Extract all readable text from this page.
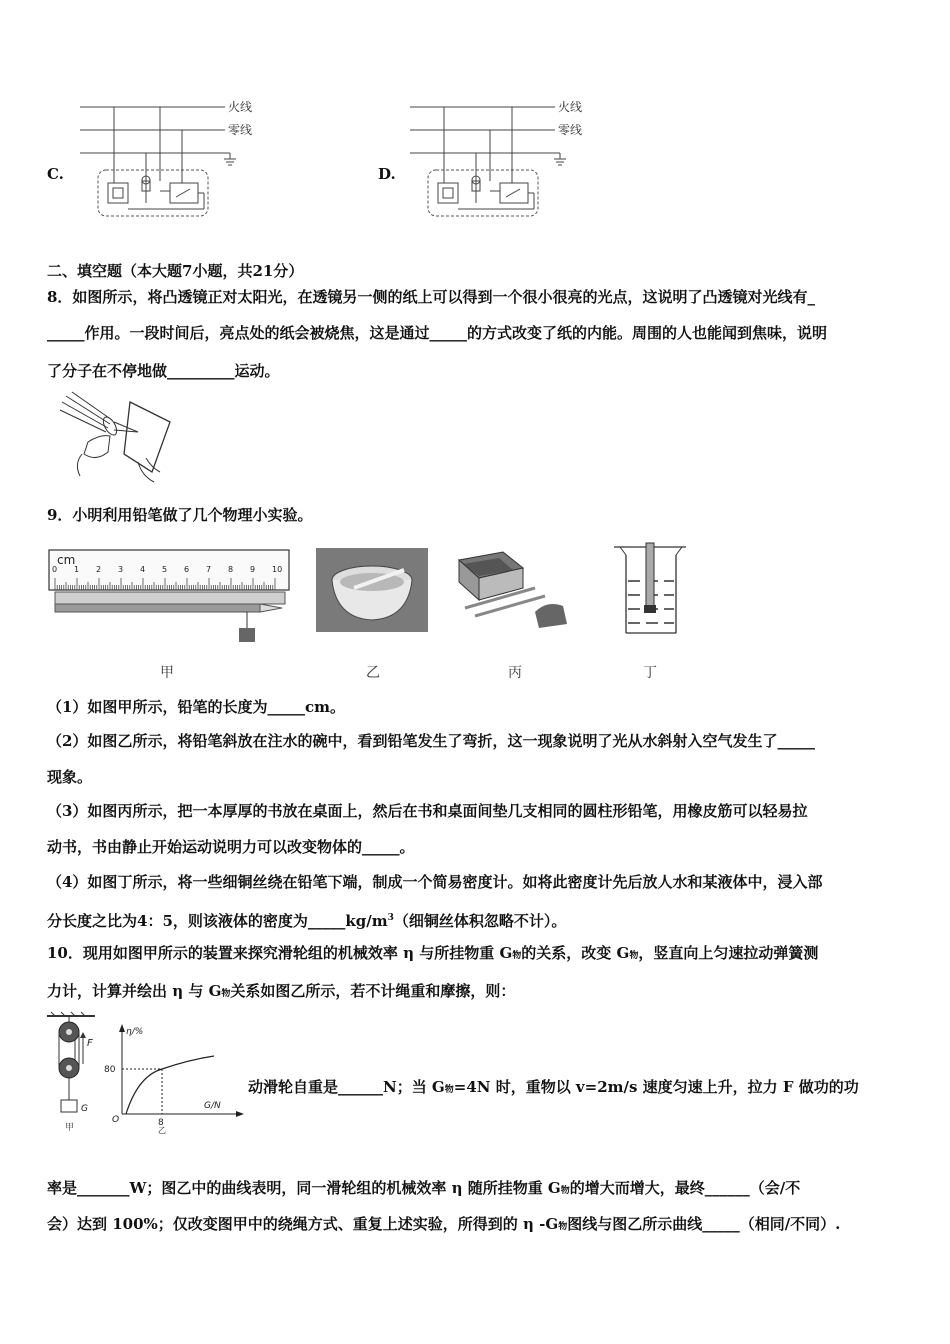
C.
火线
零线
D.
火线
零线
二、填空题（本大题7小题，共21分）
8．如图所示，将凸透镜正对太阳光，在透镜另一侧的纸上可以得到一个很小很亮的光点，这说明了凸透镜对光线有_
_____作用。一段时间后，亮点处的纸会被烧焦，这是通过_____的方式改变了纸的内能。周围的人也能闻到焦味，说明
了分子在不停地做_________运动。
9．小明利用铅笔做了几个物理小实验。
cm
0 1 2 3 4 5 6 7 8 9 10
甲	乙	丙	丁
（1）如图甲所示，铅笔的长度为_____cm。
（2）如图乙所示，将铅笔斜放在注水的碗中，看到铅笔发生了弯折，这一现象说明了光从水斜射入空气发生了_____
现象。
（3）如图丙所示，把一本厚厚的书放在桌面上，然后在书和桌面间垫几支相同的圆柱形铅笔，用橡皮筋可以轻易拉
动书，书由静止开始运动说明力可以改变物体的_____。
（4）如图丁所示，将一些细铜丝绕在铅笔下端，制成一个简易密度计。如将此密度计先后放人水和某液体中，浸入部
分长度之比为4：5，则该液体的密度为$\_\_\_\_\_kg/m^3$（细铜丝体积忽略不计）。
10．现用如图甲所示的装置来探究滑轮组的机械效率 η 与所挂物重 G物的关系，改变 G物，竖直向上匀速拉动弹簧测
力计，计算并绘出 η 与 G物关系如图乙所示，若不计绳重和摩擦，则：
F
G
甲
η/%
G/N
O
80
8
乙
动滑轮自重是______N；当 G物=4N 时，重物以 v=2m/s 速度匀速上升，拉力 F 做功的功
率是_______W；图乙中的曲线表明，同一滑轮组的机械效率 η 随所挂物重 G物的增大而增大，最终______（会/不
会）达到 100%；仅改变图甲中的绕绳方式、重复上述实验，所得到的 η -G物图线与图乙所示曲线_____（相同/不同）.
